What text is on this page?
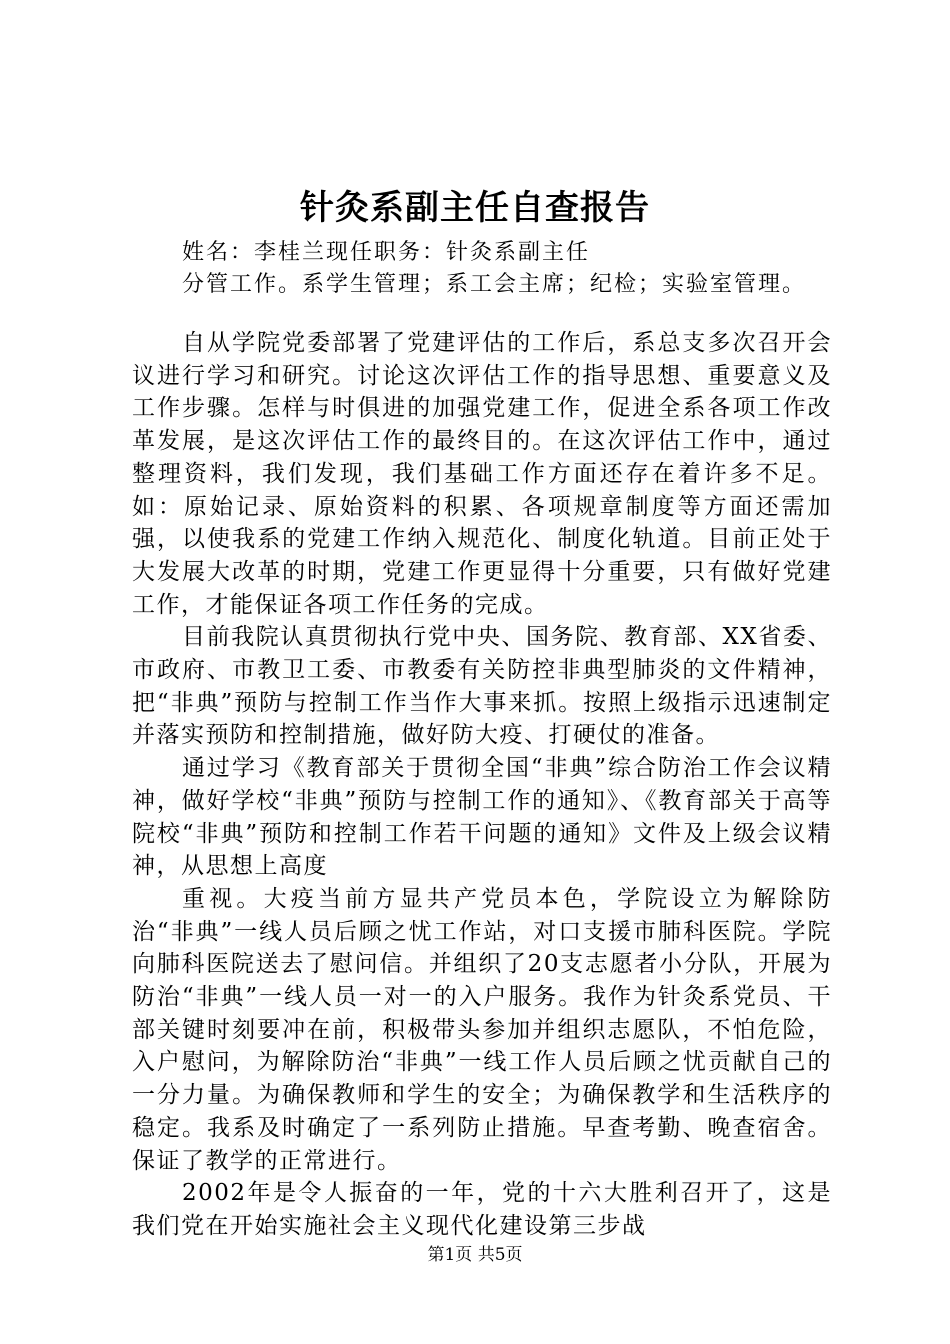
针灸系副主任自查报告
姓名：李桂兰现任职务：针灸系副主任
分管工作。系学生管理；系工会主席；纪检；实验室管理。

自从学院党委部署了党建评估的工作后，系总支多次召开会议进行学习和研究。讨论这次评估工作的指导思想、重要意义及工作步骤。怎样与时俱进的加强党建工作，促进全系各项工作改革发展，是这次评估工作的最终目的。在这次评估工作中，通过整理资料，我们发现，我们基础工作方面还存在着许多不足。如：原始记录、原始资料的积累、各项规章制度等方面还需加强，以使我系的党建工作纳入规范化、制度化轨道。目前正处于大发展大改革的时期，党建工作更显得十分重要，只有做好党建工作，才能保证各项工作任务的完成。

目前我院认真贯彻执行党中央、国务院、教育部、XX省委、市政府、市教卫工委、市教委有关防控非典型肺炎的文件精神，把“非典”预防与控制工作当作大事来抓。按照上级指示迅速制定并落实预防和控制措施，做好防大疫、打硬仗的准备。

通过学习《教育部关于贯彻全国“非典”综合防治工作会议精神，做好学校“非典”预防与控制工作的通知》、《教育部关于高等院校“非典”预防和控制工作若干问题的通知》文件及上级会议精神，从思想上高度

重视。大疫当前方显共产党员本色，学院设立为解除防治“非典”一线人员后顾之忧工作站，对口支援市肺科医院。学院向肺科医院送去了慰问信。并组织了20支志愿者小分队，开展为防治“非典”一线人员一对一的入户服务。我作为针灸系党员、干部关键时刻要冲在前，积极带头参加并组织志愿队，不怕危险，入户慰问，为解除防治“非典”一线工作人员后顾之忧贡献自己的一分力量。为确保教师和学生的安全；为确保教学和生活秩序的稳定。我系及时确定了一系列防止措施。早查考勤、晚查宿舍。保证了教学的正常进行。

2002年是令人振奋的一年，党的十六大胜利召开了，这是我们党在开始实施社会主义现代化建设第三步战

第1页 共5页
